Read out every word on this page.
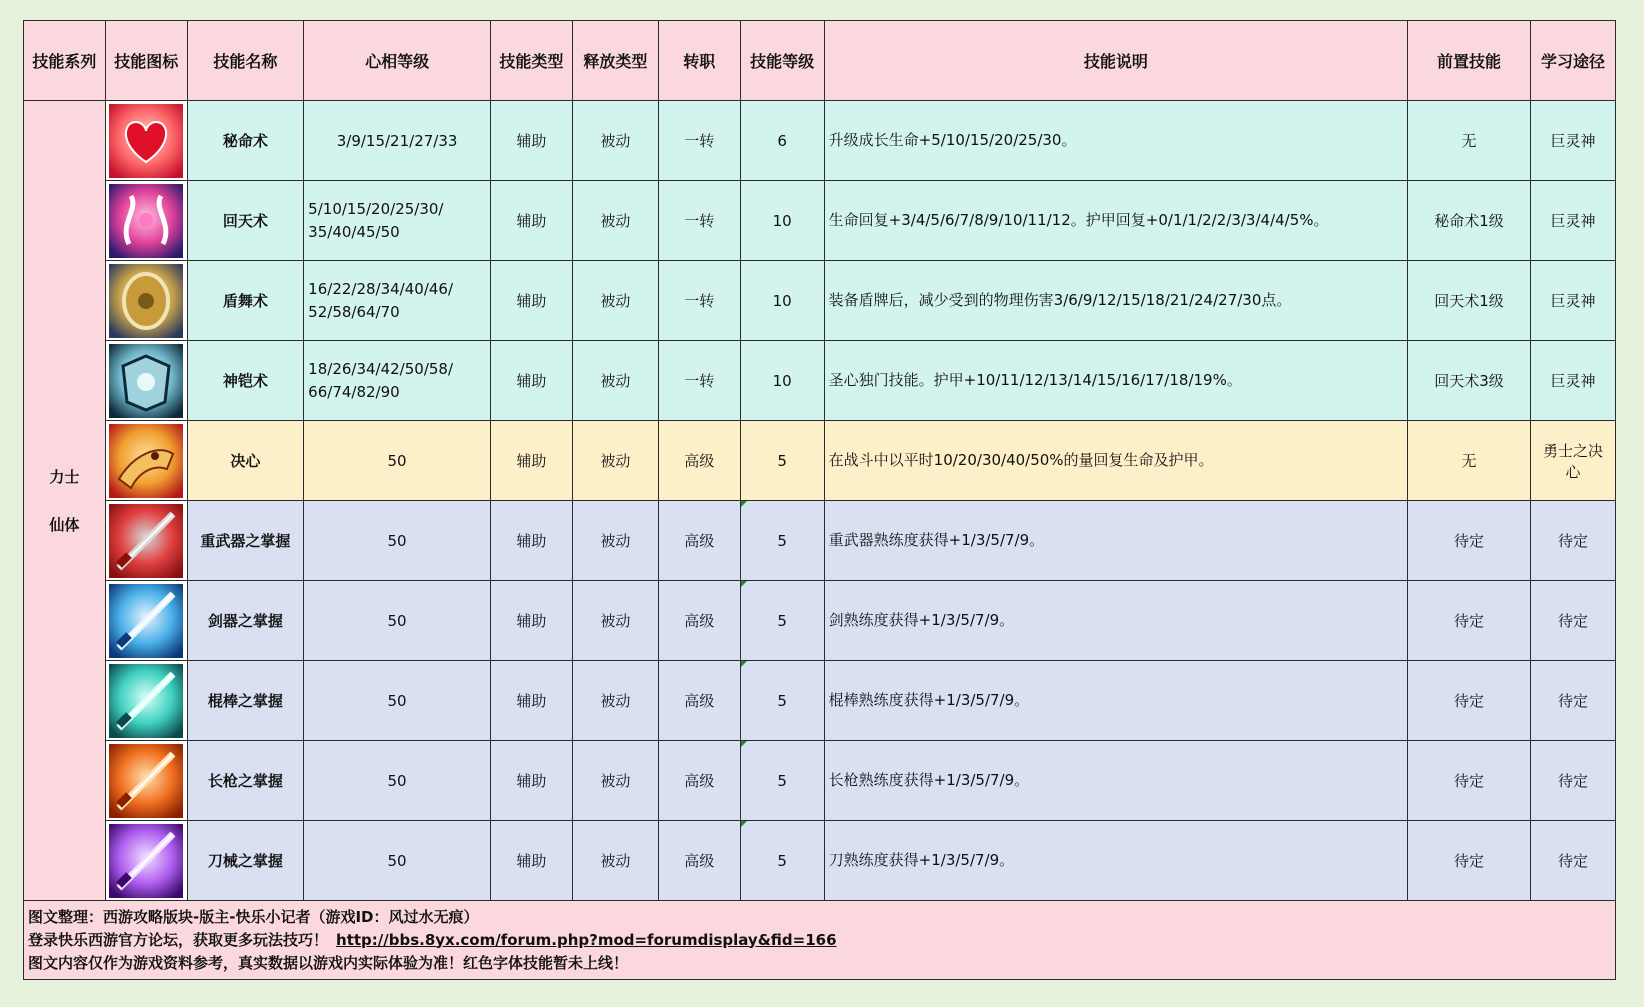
技能系列	技能图标	技能名称	心相等级	技能类型	释放类型	转职	技能等级	技能说明	前置技能	学习途径

力士
仙体		秘命术	3/9/15/21/27/33	辅助	被动	一转	6	升级成长生命+5/10/15/20/25/30。	无	巨灵神

	回天术	5/10/15/20/25/30/
35/40/45/50	辅助	被动	一转	10	生命回复+3/4/5/6/7/8/9/10/11/12。护甲回复+0/1/1/2/2/3/3/4/4/5%。	秘命术1级	巨灵神

	盾舞术	16/22/28/34/40/46/
52/58/64/70	辅助	被动	一转	10	装备盾牌后，减少受到的物理伤害3/6/9/12/15/18/21/24/27/30点。	回天术1级	巨灵神

	神铠术	18/26/34/42/50/58/
66/74/82/90	辅助	被动	一转	10	圣心独门技能。护甲+10/11/12/13/14/15/16/17/18/19%。	回天术3级	巨灵神

	决心	50	辅助	被动	高级	5	在战斗中以平时10/20/30/40/50%的量回复生命及护甲。	无	勇士之决
心

	重武器之掌握	50	辅助	被动	高级	5	重武器熟练度获得+1/3/5/7/9。	待定	待定

	剑器之掌握	50	辅助	被动	高级	5	剑熟练度获得+1/3/5/7/9。	待定	待定

	棍棒之掌握	50	辅助	被动	高级	5	棍棒熟练度获得+1/3/5/7/9。	待定	待定

	长枪之掌握	50	辅助	被动	高级	5	长枪熟练度获得+1/3/5/7/9。	待定	待定

	刀械之掌握	50	辅助	被动	高级	5	刀熟练度获得+1/3/5/7/9。	待定	待定

图文整理：西游攻略版块-版主-快乐小记者（游戏ID：风过水无痕）
登录快乐西游官方论坛，获取更多玩法技巧！ http://bbs.8yx.com/forum.php?mod=forumdisplay&fid=166
图文内容仅作为游戏资料参考，真实数据以游戏内实际体验为准！红色字体技能暂未上线！										
